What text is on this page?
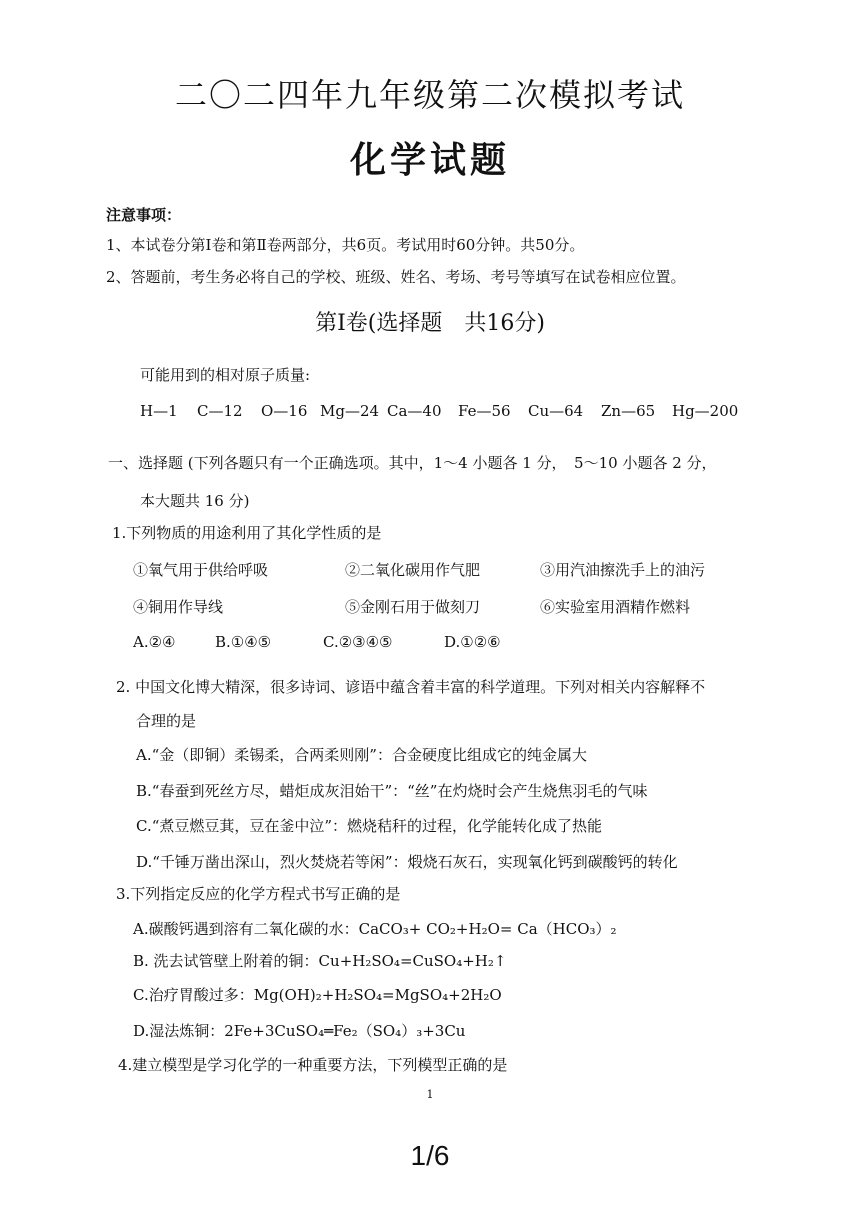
二〇二四年九年级第二次模拟考试
化学试题
注意事项：
1、本试卷分第Ⅰ卷和第Ⅱ卷两部分，共6页。考试用时60分钟。共50分。
2、答题前，考生务必将自己的学校、班级、姓名、考场、考号等填写在试卷相应位置。
第Ⅰ卷(选择题　共16分)
可能用到的相对原子质量:
H—1 C—12 O—16 Mg—24 Ca—40 Fe—56 Cu—64 Zn—65 Hg—200
一、选择题 (下列各题只有一个正确选项。其中，1～4 小题各 1 分，　5～10 小题各 2 分，
本大题共 16 分)
1.下列物质的用途利用了其化学性质的是
①氧气用于供给呼吸	②二氧化碳用作气肥	③用汽油擦洗手上的油污
④铜用作导线	⑤金刚石用于做刻刀	⑥实验室用酒精作燃料
A.②④	B.①④⑤	C.②③④⑤	D.①②⑥
2. 中国文化博大精深，很多诗词、谚语中蕴含着丰富的科学道理。下列对相关内容解释不
合理的是
A.“金（即铜）柔锡柔，合两柔则刚”：合金硬度比组成它的纯金属大
B.“春蚕到死丝方尽，蜡炬成灰泪始干”：“丝”在灼烧时会产生烧焦羽毛的气味
C.“煮豆燃豆萁，豆在釜中泣”：燃烧秸秆的过程，化学能转化成了热能
D.“千锤万凿出深山，烈火焚烧若等闲”：煅烧石灰石，实现氧化钙到碳酸钙的转化
3.下列指定反应的化学方程式书写正确的是
A.碳酸钙遇到溶有二氧化碳的水：CaCO₃+ CO₂+H₂O= Ca（HCO₃）₂
B. 洗去试管壁上附着的铜：Cu+H₂SO₄=CuSO₄+H₂↑
C.治疗胃酸过多：Mg(OH)₂+H₂SO₄=MgSO₄+2H₂O
D.湿法炼铜：2Fe+3CuSO₄═Fe₂（SO₄）₃+3Cu
4.建立模型是学习化学的一种重要方法，下列模型正确的是
1
1/6
